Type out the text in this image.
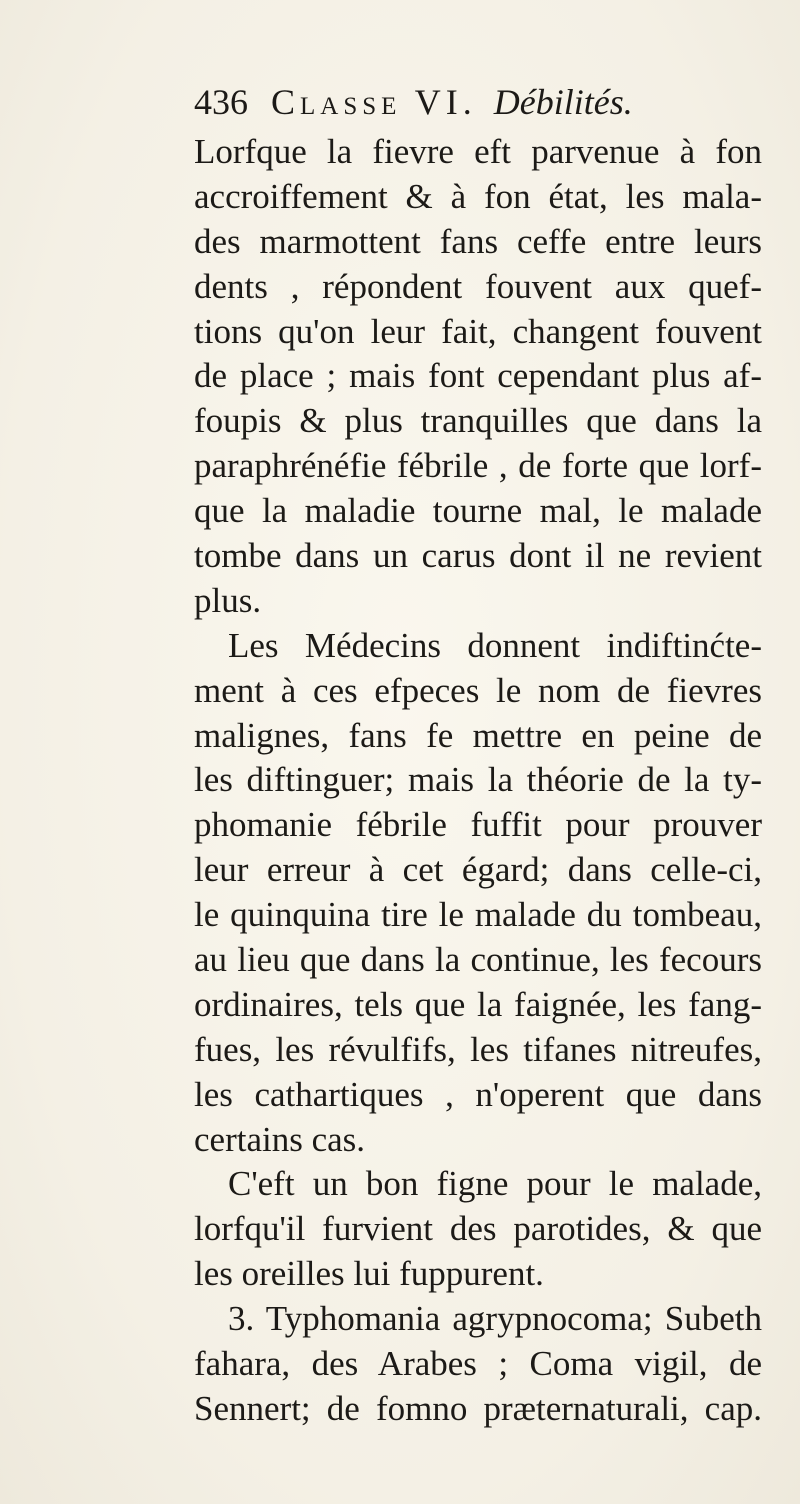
436 Classe VI. Débilités.
Lorfque la fievre eft parvenue à fon
accroiffement & à fon état, les mala-
des marmottent fans ceffe entre leurs
dents , répondent fouvent aux quef-
tions qu'on leur fait, changent fouvent
de place ; mais font cependant plus af-
foupis & plus tranquilles que dans la
paraphrénéfie fébrile , de forte que lorf-
que la maladie tourne mal, le malade
tombe dans un carus dont il ne revient
plus.
Les Médecins donnent indiftinćte-
ment à ces efpeces le nom de fievres
malignes, fans fe mettre en peine de
les diftinguer; mais la théorie de la ty-
phomanie fébrile fuffit pour prouver
leur erreur à cet égard; dans celle-ci,
le quinquina tire le malade du tombeau,
au lieu que dans la continue, les fecours
ordinaires, tels que la faignée, les fang-
fues, les révulfifs, les tifanes nitreufes,
les cathartiques , n'operent que dans
certains cas.
C'eft un bon figne pour le malade,
lorfqu'il furvient des parotides, & que
les oreilles lui fuppurent.
3. Typhomania agrypnocoma; Subeth
fahara, des Arabes ; Coma vigil, de
Sennert; de fomno præternaturali, cap.
